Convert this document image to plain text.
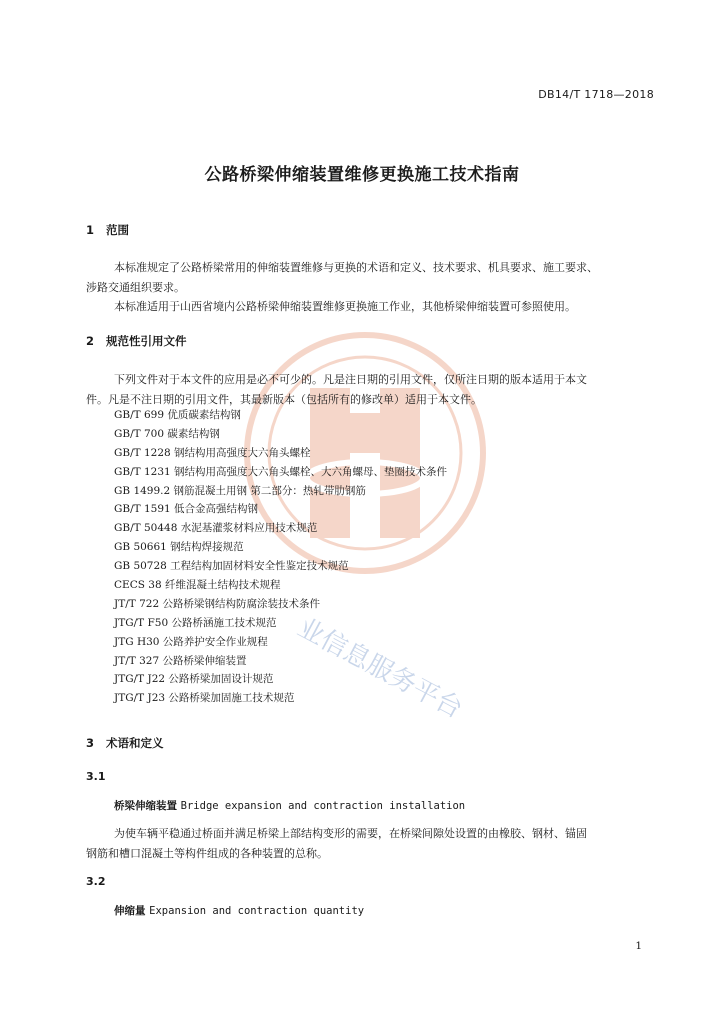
业信息服务平台
DB14/T 1718—2018
公路桥梁伸缩装置维修更换施工技术指南
1 范围

本标准规定了公路桥梁常用的伸缩装置维修与更换的术语和定义、技术要求、机具要求、施工要求、

涉路交通组织要求。

本标准适用于山西省境内公路桥梁伸缩装置维修更换施工作业，其他桥梁伸缩装置可参照使用。

2 规范性引用文件

下列文件对于本文件的应用是必不可少的。凡是注日期的引用文件，仅所注日期的版本适用于本文

件。凡是不注日期的引用文件，其最新版本（包括所有的修改单）适用于本文件。

GB/T 699 优质碳素结构钢
GB/T 700 碳素结构钢
GB/T 1228 钢结构用高强度大六角头螺栓
GB/T 1231 钢结构用高强度大六角头螺栓、大六角螺母、垫圈技术条件
GB 1499.2 钢筋混凝土用钢 第二部分：热轧带肋钢筋
GB/T 1591 低合金高强结构钢
GB/T 50448 水泥基灌浆材料应用技术规范
GB 50661 钢结构焊接规范
GB 50728 工程结构加固材料安全性鉴定技术规范
CECS 38 纤维混凝土结构技术规程
JT/T 722 公路桥梁钢结构防腐涂装技术条件
JTG/T F50 公路桥涵施工技术规范
JTG H30 公路养护安全作业规程
JT/T 327 公路桥梁伸缩装置
JTG/T J22 公路桥梁加固设计规范
JTG/T J23 公路桥梁加固施工技术规范
3 术语和定义
3.1
桥梁伸缩装置 Bridge expansion and contraction installation

为使车辆平稳通过桥面并满足桥梁上部结构变形的需要，在桥梁间隙处设置的由橡胶、钢材、锚固

钢筋和槽口混凝土等构件组成的各种装置的总称。

3.2
伸缩量 Expansion and contraction quantity
1
